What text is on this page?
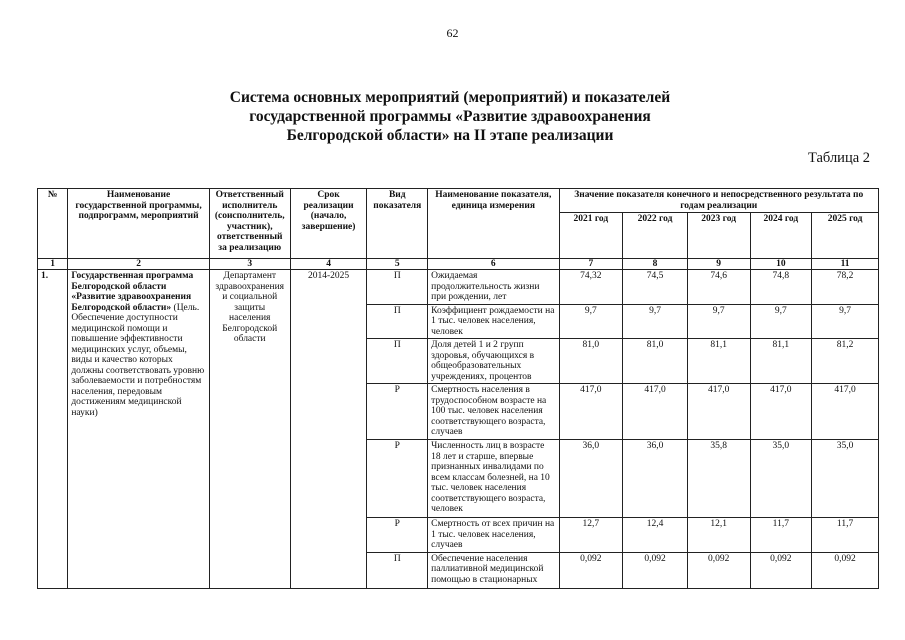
62
Система основных мероприятий (мероприятий) и показателей
государственной программы «Развитие здравоохранения
Белгородской области» на II этапе реализации
Таблица 2
№	Наименование государственной программы, подпрограмм, мероприятий	Ответственный исполнитель (соисполнитель, участник), ответственный за реализацию	Срок реализации (начало, завершение)	Вид показателя	Наименование показателя, единица измерения	Значение показателя конечного и непосредственного результата по годам реализации				
						2021 год	2022 год	2023 год	2024 год	2025 год
1	2	3	4	5	6	7	8	9	10	11
1.	Государственная программа Белгородской области «Развитие здравоохранения Белгородской области» (Цель. Обеспечение доступности медицинской помощи и повышение эффективности медицинских услуг, объемы, виды и качество которых должны соответствовать уровню заболеваемости и потребностям населения, передовым достижениям медицинской науки)	Департамент здравоохранения и социальной защиты населения Белгородской области	2014-2025	П	Ожидаемая продолжительность жизни при рождении, лет	74,32	74,5	74,6	74,8	78,2
				П	Коэффициент рождаемости на 1 тыс. человек населения, человек	9,7	9,7	9,7	9,7	9,7
				П	Доля детей 1 и 2 групп здоровья, обучающихся в общеобразовательных учреждениях, процентов	81,0	81,0	81,1	81,1	81,2
				Р	Смертность населения в трудоспособном возрасте на 100 тыс. человек населения соответствующего возраста, случаев	417,0	417,0	417,0	417,0	417,0
				Р	Численность лиц в возрасте 18 лет и старше, впервые признанных инвалидами по всем классам болезней, на 10 тыс. человек населения соответствующего возраста, человек	36,0	36,0	35,8	35,0	35,0
				Р	Смертность от всех причин на 1 тыс. человек населения, случаев	12,7	12,4	12,1	11,7	11,7
				П	Обеспечение населения паллиативной медицинской помощью в стационарных	0,092	0,092	0,092	0,092	0,092
